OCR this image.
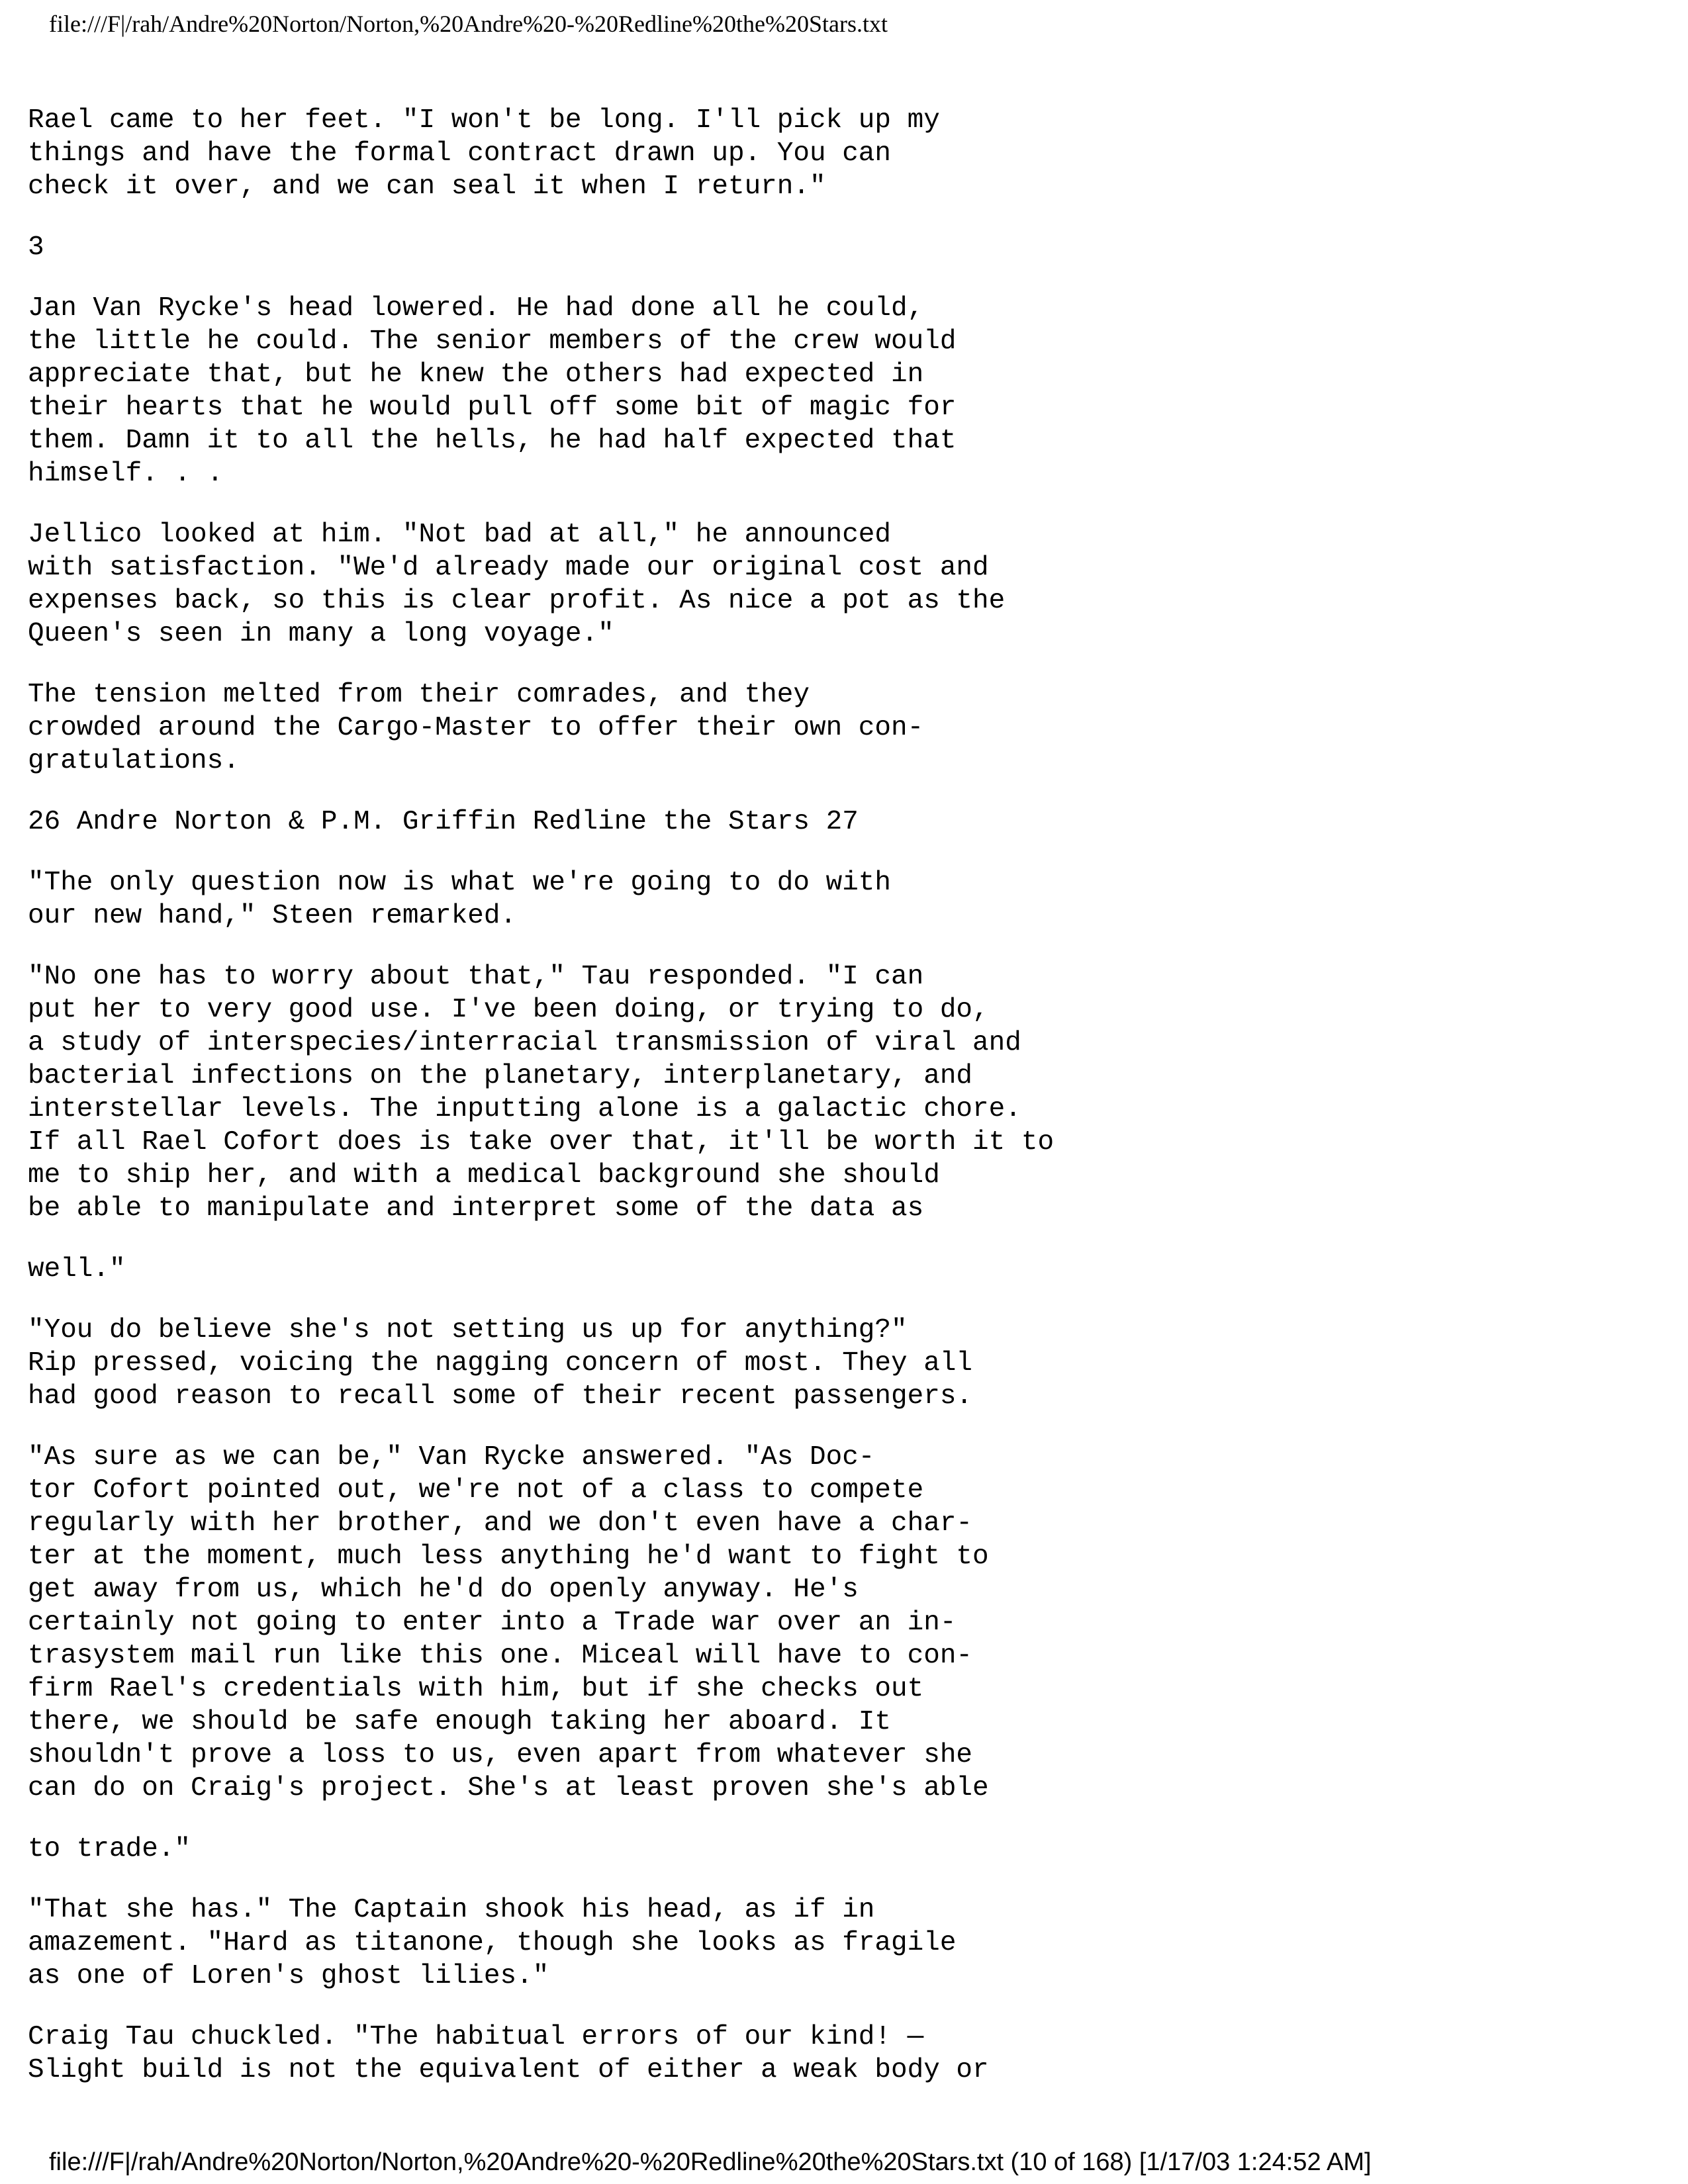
file:///F|/rah/Andre%20Norton/Norton,%20Andre%20-%20Redline%20the%20Stars.txt
Rael came to her feet. "I won't be long. I'll pick up my
things and have the formal contract drawn up. You can
check it over, and we can seal it when I return."
3
Jan Van Rycke's head lowered. He had done all he could,
the little he could. The senior members of the crew would
appreciate that, but he knew the others had expected in
their hearts that he would pull off some bit of magic for
them. Damn it to all the hells, he had half expected that
himself. . .
Jellico looked at him. "Not bad at all," he announced
with satisfaction. "We'd already made our original cost and
expenses back, so this is clear profit. As nice a pot as the
Queen's seen in many a long voyage."
The tension melted from their comrades, and they
crowded around the Cargo-Master to offer their own con-
gratulations.
26 Andre Norton & P.M. Griffin Redline the Stars 27
"The only question now is what we're going to do with
our new hand," Steen remarked.
"No one has to worry about that," Tau responded. "I can
put her to very good use. I've been doing, or trying to do,
a study of interspecies/interracial transmission of viral and
bacterial infections on the planetary, interplanetary, and
interstellar levels. The inputting alone is a galactic chore.
If all Rael Cofort does is take over that, it'll be worth it to
me to ship her, and with a medical background she should
be able to manipulate and interpret some of the data as
well."
"You do believe she's not setting us up for anything?"
Rip pressed, voicing the nagging concern of most. They all
had good reason to recall some of their recent passengers.
"As sure as we can be," Van Rycke answered. "As Doc-
tor Cofort pointed out, we're not of a class to compete
regularly with her brother, and we don't even have a char-
ter at the moment, much less anything he'd want to fight to
get away from us, which he'd do openly anyway. He's
certainly not going to enter into a Trade war over an in-
trasystem mail run like this one. Miceal will have to con-
firm Rael's credentials with him, but if she checks out
there, we should be safe enough taking her aboard. It
shouldn't prove a loss to us, even apart from whatever she
can do on Craig's project. She's at least proven she's able
to trade."
"That she has." The Captain shook his head, as if in
amazement. "Hard as titanone, though she looks as fragile
as one of Loren's ghost lilies."
Craig Tau chuckled. "The habitual errors of our kind! —
Slight build is not the equivalent of either a weak body or
file:///F|/rah/Andre%20Norton/Norton,%20Andre%20-%20Redline%20the%20Stars.txt (10 of 168) [1/17/03 1:24:52 AM]
